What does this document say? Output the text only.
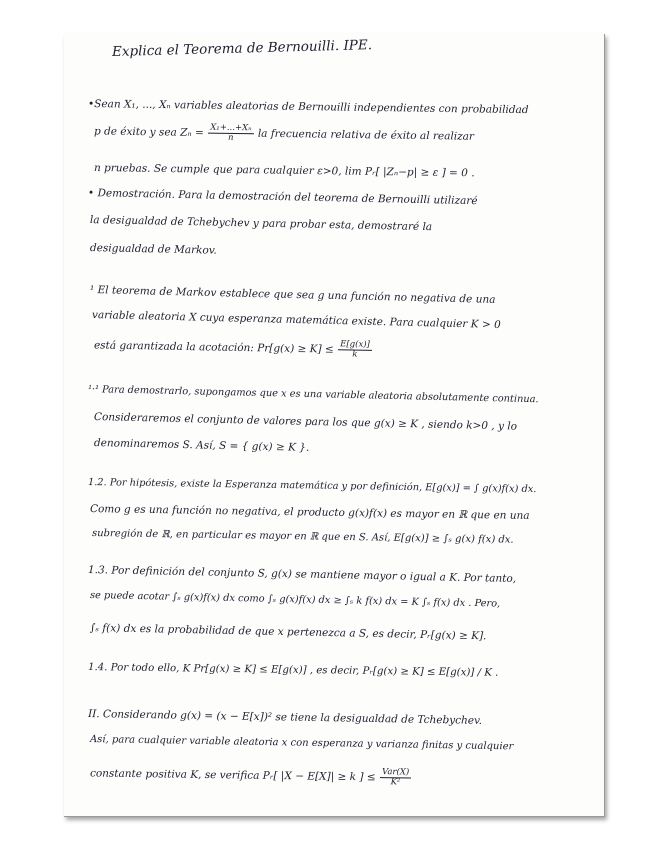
Explica el Teorema de Bernouilli. IPE.
•Sean X₁, ..., Xₙ variables aleatorias de Bernouilli independientes con probabilidad
p de éxito y sea $Z_n = \frac{\text{X₁+...+Xₙ}}{n}$ la frecuencia relativa de éxito al realizar
n pruebas. Se cumple que para cualquier ε>0, lim Pᵣ[ |Zₙ−p| ≥ ε ] = 0 .
• Demostración. Para la demostración del teorema de Bernouilli utilizaré
la desigualdad de Tchebychev y para probar esta, demostraré la
desigualdad de Markov.
¹ El teorema de Markov establece que sea g una función no negativa de una
variable aleatoria X cuya esperanza matemática existe. Para cualquier K > 0
está garantizada la acotación: $Pr[g(x) \ge K] \le \frac{E[g(x)]}{k}$
¹·¹ Para demostrarlo, supongamos que x es una variable aleatoria absolutamente continua.
Consideraremos el conjunto de valores para los que g(x) ≥ K , siendo k>0 , y lo
denominaremos S. Así, S = { g(x) ≥ K }.
1.2. Por hipótesis, existe la Esperanza matemática y por definición, E[g(x)] = ∫ g(x)f(x) dx.
Como g es una función no negativa, el producto g(x)f(x) es mayor en ℝ que en una
subregión de ℝ, en particular es mayor en ℝ que en S. Así, E[g(x)] ≥ ∫ₛ g(x) f(x) dx.
1.3. Por definición del conjunto S, g(x) se mantiene mayor o igual a K. Por tanto,
se puede acotar ∫ₛ g(x)f(x) dx como ∫ₛ g(x)f(x) dx ≥ ∫ₛ k f(x) dx = K ∫ₛ f(x) dx . Pero,
∫ₛ f(x) dx es la probabilidad de que x pertenezca a S, es decir, Pᵣ[g(x) ≥ K].
1.4. Por todo ello, K Pr[g(x) ≥ K] ≤ E[g(x)] , es decir, Pᵣ[g(x) ≥ K] ≤ E[g(x)] / K .
II. Considerando g(x) = (x − E[x])² se tiene la desigualdad de Tchebychev.
Así, para cualquier variable aleatoria x con esperanza y varianza finitas y cualquier
constante positiva K, se verifica Pᵣ[ |X − E[X]| ≥ k ] ≤ $\frac{\text{Var(X)}}{\text{K²}}$
